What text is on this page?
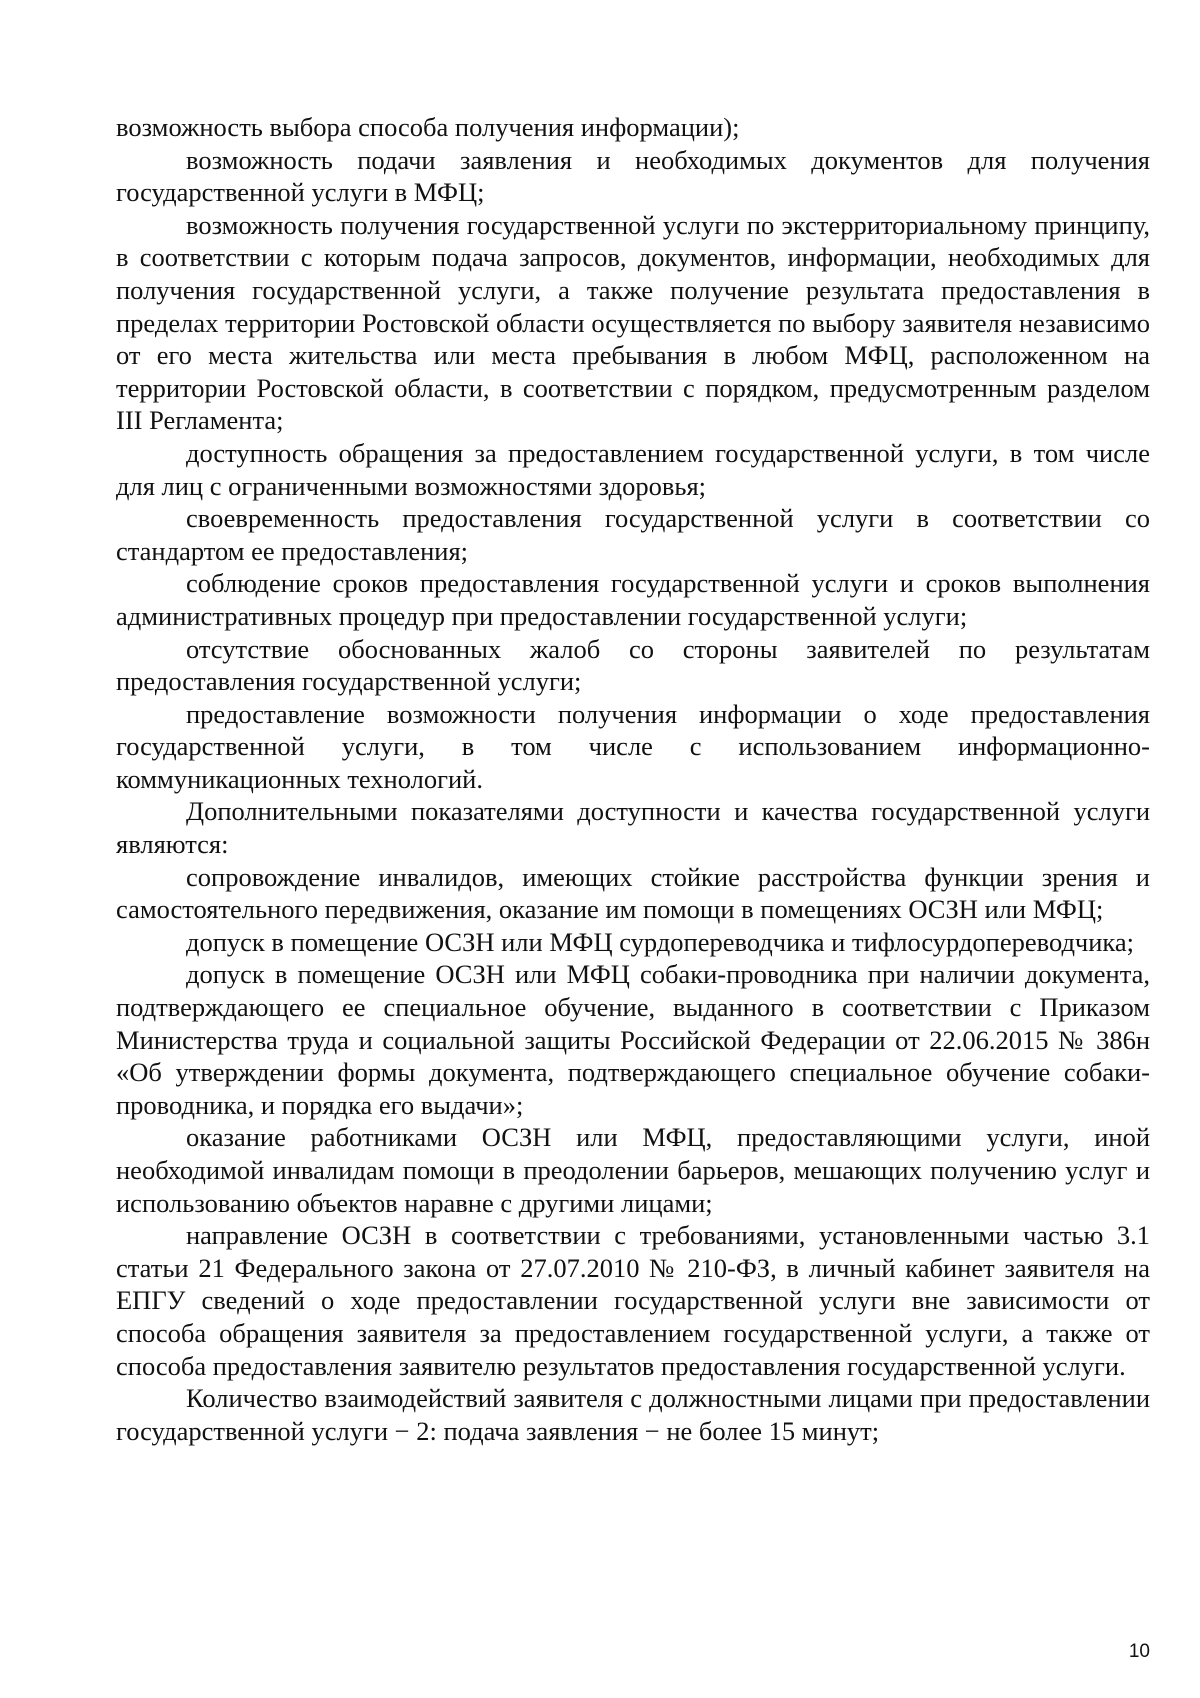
возможность выбора способа получения информации);

возможность подачи заявления и необходимых документов для получения государственной услуги в МФЦ;

возможность получения государственной услуги по экстерриториальному принципу, в соответствии с которым подача запросов, документов, информации, необходимых для получения государственной услуги, а также получение результата предоставления в пределах территории Ростовской области осуществляется по выбору заявителя независимо от его места жительства или места пребывания в любом МФЦ, расположенном на территории Ростовской области, в соответствии с порядком, предусмотренным разделом III Регламента;

доступность обращения за предоставлением государственной услуги, в том числе для лиц с ограниченными возможностями здоровья;

своевременность предоставления государственной услуги в соответствии со стандартом ее предоставления;

соблюдение сроков предоставления государственной услуги и сроков выполнения административных процедур при предоставлении государственной услуги;

отсутствие обоснованных жалоб со стороны заявителей по результатам предоставления государственной услуги;

предоставление возможности получения информации о ходе предоставления государственной услуги, в том числе с использованием информационно-коммуникационных технологий.

Дополнительными показателями доступности и качества государственной услуги являются:

сопровождение инвалидов, имеющих стойкие расстройства функции зрения и самостоятельного передвижения, оказание им помощи в помещениях ОСЗН или МФЦ;

допуск в помещение ОСЗН или МФЦ сурдопереводчика и тифлосурдопереводчика;

допуск в помещение ОСЗН или МФЦ собаки-проводника при наличии документа, подтверждающего ее специальное обучение, выданного в соответствии с Приказом Министерства труда и социальной защиты Российской Федерации от 22.06.2015 № 386н «Об утверждении формы документа, подтверждающего специальное обучение собаки-проводника, и порядка его выдачи»;

оказание работниками ОСЗН или МФЦ, предоставляющими услуги, иной необходимой инвалидам помощи в преодолении барьеров, мешающих получению услуг и использованию объектов наравне с другими лицами;

направление ОСЗН в соответствии с требованиями, установленными частью 3.1 статьи 21 Федерального закона от 27.07.2010 № 210-ФЗ, в личный кабинет заявителя на ЕПГУ сведений о ходе предоставлении государственной услуги вне зависимости от способа обращения заявителя за предоставлением государственной услуги, а также от способа предоставления заявителю результатов предоставления государственной услуги.

Количество взаимодействий заявителя с должностными лицами при предоставлении государственной услуги − 2: подача заявления − не более 15 минут;

10
